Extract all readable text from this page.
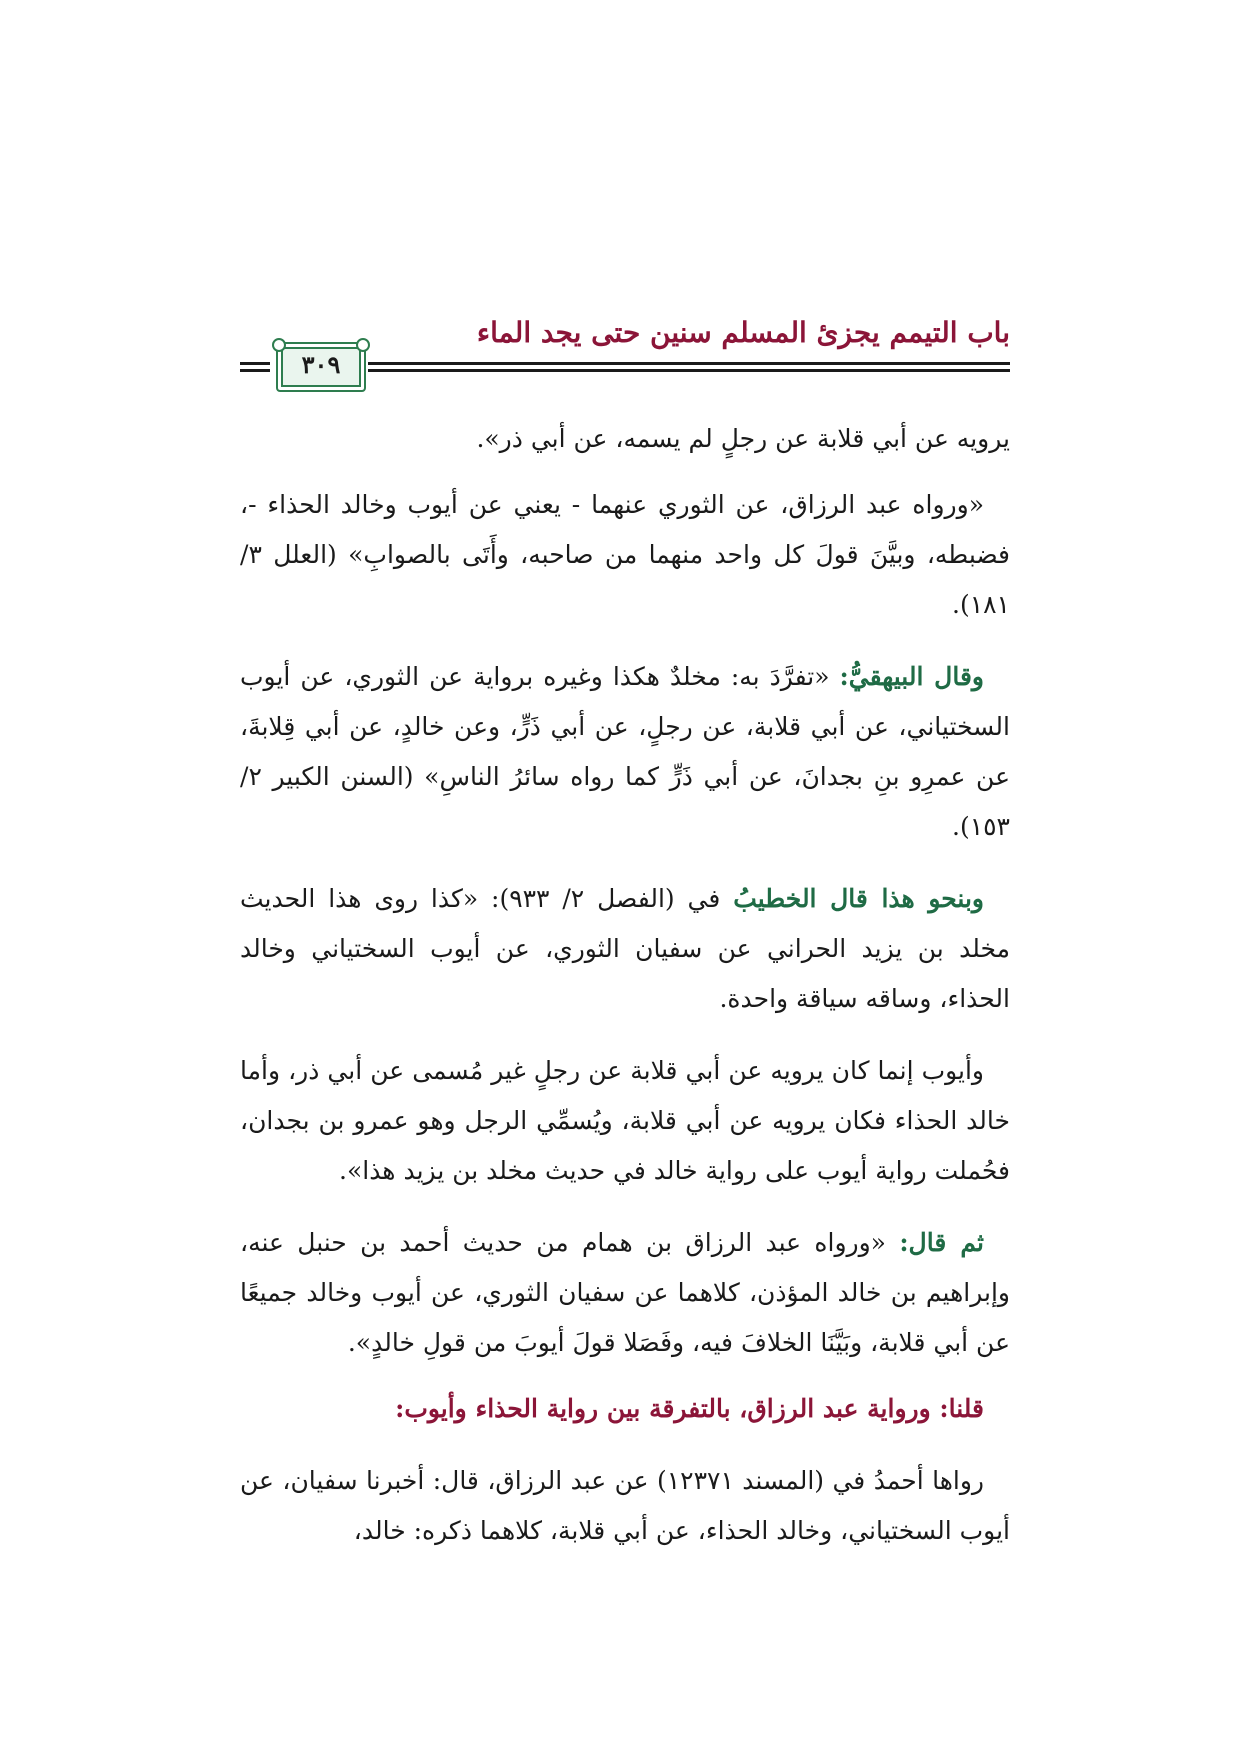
باب التيمم يجزئ المسلم سنين حتى يجد الماء
٣٠٩

يرويه عن أبي قلابة عن رجلٍ لم يسمه، عن أبي ذر».

«ورواه عبد الرزاق، عن الثوري عنهما - يعني عن أيوب وخالد الحذاء -، فضبطه، وبيَّنَ قولَ كل واحد منهما من صاحبه، وأَتَى بالصوابِ» (العلل ٣/ ١٨١).

وقال البيهقيُّ: «تفرَّدَ به: مخلدٌ هكذا وغيره برواية عن الثوري، عن أيوب السختياني، عن أبي قلابة، عن رجلٍ، عن أبي ذَرٍّ، وعن خالدٍ، عن أبي قِلابةَ، عن عمرِو بنِ بجدانَ، عن أبي ذَرٍّ كما رواه سائرُ الناسِ» (السنن الكبير ٢/ ١٥٣).

وبنحو هذا قال الخطيبُ في (الفصل ٢/ ٩٣٣): «كذا روى هذا الحديث مخلد بن يزيد الحراني عن سفيان الثوري، عن أيوب السختياني وخالد الحذاء، وساقه سياقة واحدة.

وأيوب إنما كان يرويه عن أبي قلابة عن رجلٍ غير مُسمى عن أبي ذر، وأما خالد الحذاء فكان يرويه عن أبي قلابة، ويُسمِّي الرجل وهو عمرو بن بجدان، فحُملت رواية أيوب على رواية خالد في حديث مخلد بن يزيد هذا».

ثم قال: «ورواه عبد الرزاق بن همام من حديث أحمد بن حنبل عنه، وإبراهيم بن خالد المؤذن، كلاهما عن سفيان الثوري، عن أيوب وخالد جميعًا عن أبي قلابة، وبَيَّنَا الخلافَ فيه، وفَصَلا قولَ أيوبَ من قولِ خالدٍ».

قلنا: ورواية عبد الرزاق، بالتفرقة بين رواية الحذاء وأيوب:

رواها أحمدُ في (المسند ١٢٣٧١) عن عبد الرزاق، قال: أخبرنا سفيان، عن أيوب السختياني، وخالد الحذاء، عن أبي قلابة، كلاهما ذكره: خالد،
